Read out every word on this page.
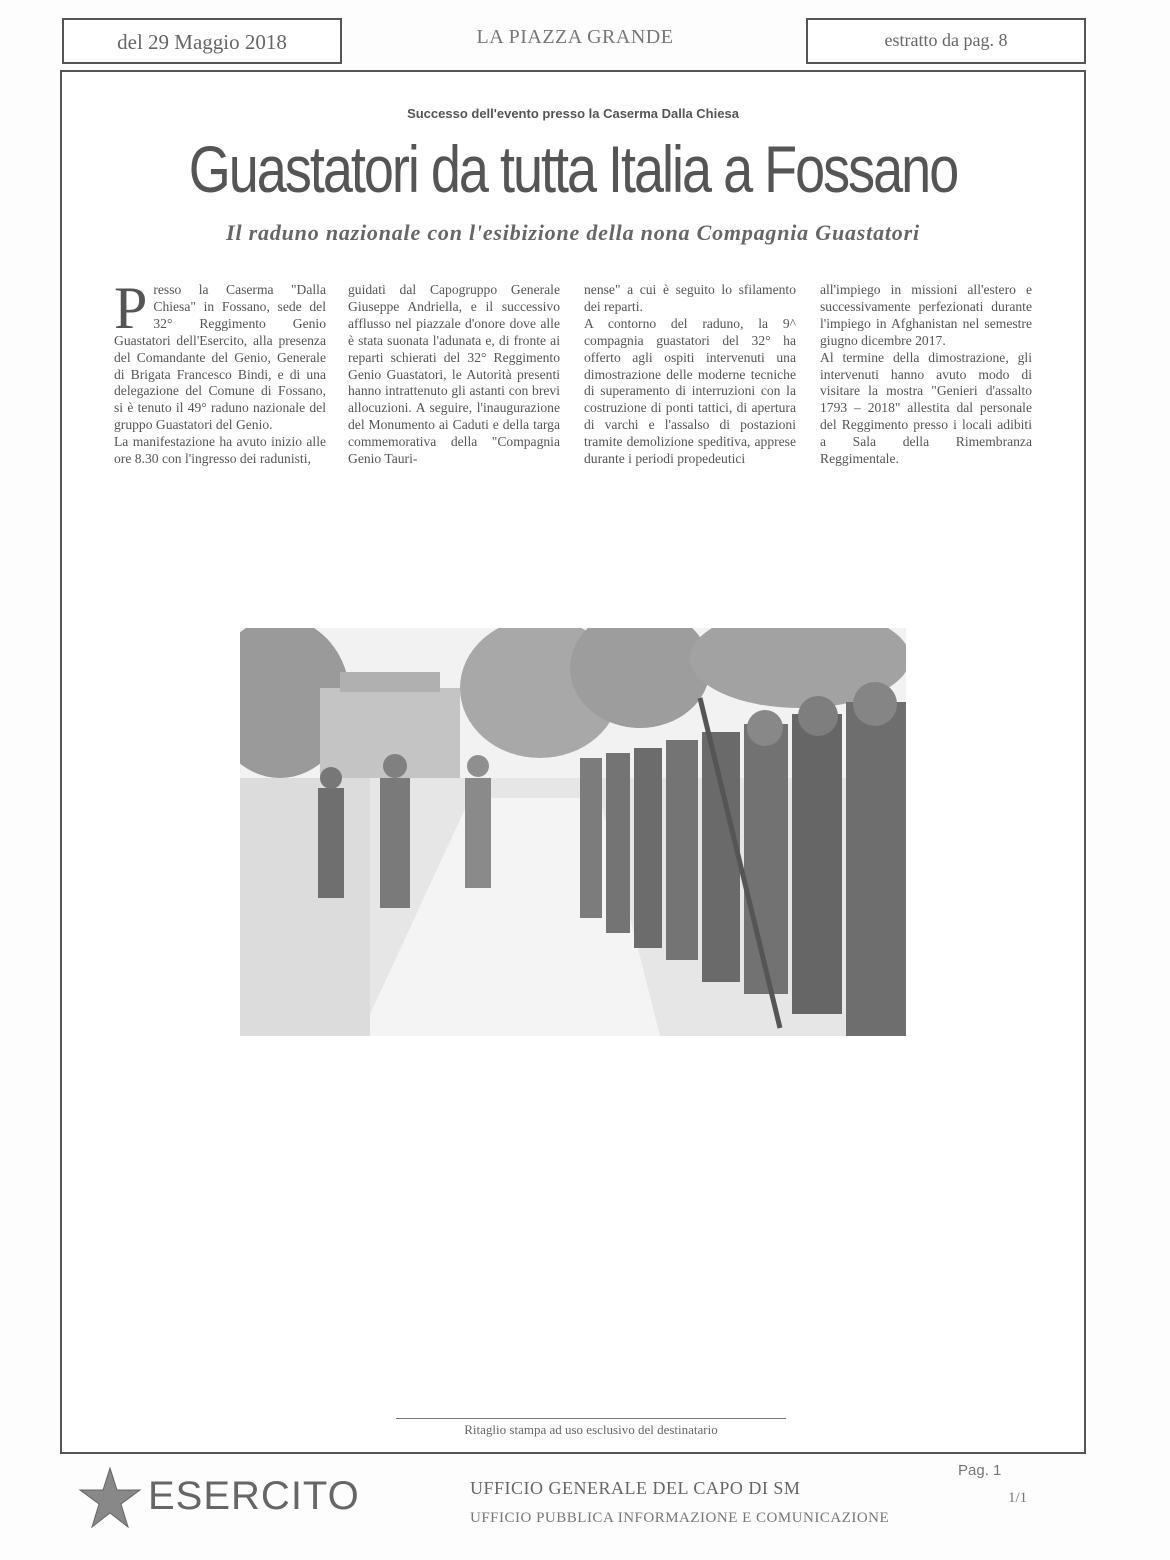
del 29 Maggio 2018	LA PIAZZA GRANDE	estratto da pag. 8
Successo dell'evento presso la Caserma Dalla Chiesa
Guastatori da tutta Italia a Fossano
Il raduno nazionale con l'esibizione della nona Compagnia Guastatori

Presso la Caserma "Dalla Chiesa" in Fossano, sede del 32° Reggimento Genio Guastatori dell'Esercito, alla presenza del Comandante del Genio, Generale di Brigata Francesco Bindi, e di una delegazione del Comune di Fossano, si è tenuto il 49° raduno nazionale del gruppo Guastatori del Genio.

La manifestazione ha avuto inizio alle ore 8.30 con l'ingresso dei radunisti,

guidati dal Capogruppo Generale Giuseppe Andriella, e il successivo afflusso nel piazzale d'onore dove alle è stata suonata l'adunata e, di fronte ai reparti schierati del 32° Reggimento Genio Guastatori, le Autorità presenti hanno intrattenuto gli astanti con brevi allocuzioni. A seguire, l'inaugurazione del Monumento ai Caduti e della targa commemorativa della "Compagnia Genio Tauri-

nense" a cui è seguito lo sfilamento dei reparti.

A contorno del raduno, la 9^ compagnia guastatori del 32° ha offerto agli ospiti intervenuti una dimostrazione delle moderne tecniche di superamento di interruzioni con la costruzione di ponti tattici, di apertura di varchi e l'assalso di postazioni tramite demolizione speditiva, apprese durante i periodi propedeutici

all'impiego in missioni all'estero e successivamente perfezionati durante l'impiego in Afghanistan nel semestre giugno dicembre 2017.

Al termine della dimostrazione, gli intervenuti hanno avuto modo di visitare la mostra "Genieri d'assalto 1793 – 2018" allestita dal personale del Reggimento presso i locali adibiti a Sala della Rimembranza Reggimentale.

Ritaglio stampa ad uso esclusivo del destinatario
ESERCITO	UFFICIO GENERALE DEL CAPO DI SM
UFFICIO PUBBLICA INFORMAZIONE E COMUNICAZIONE
Pag. 1
1/1
